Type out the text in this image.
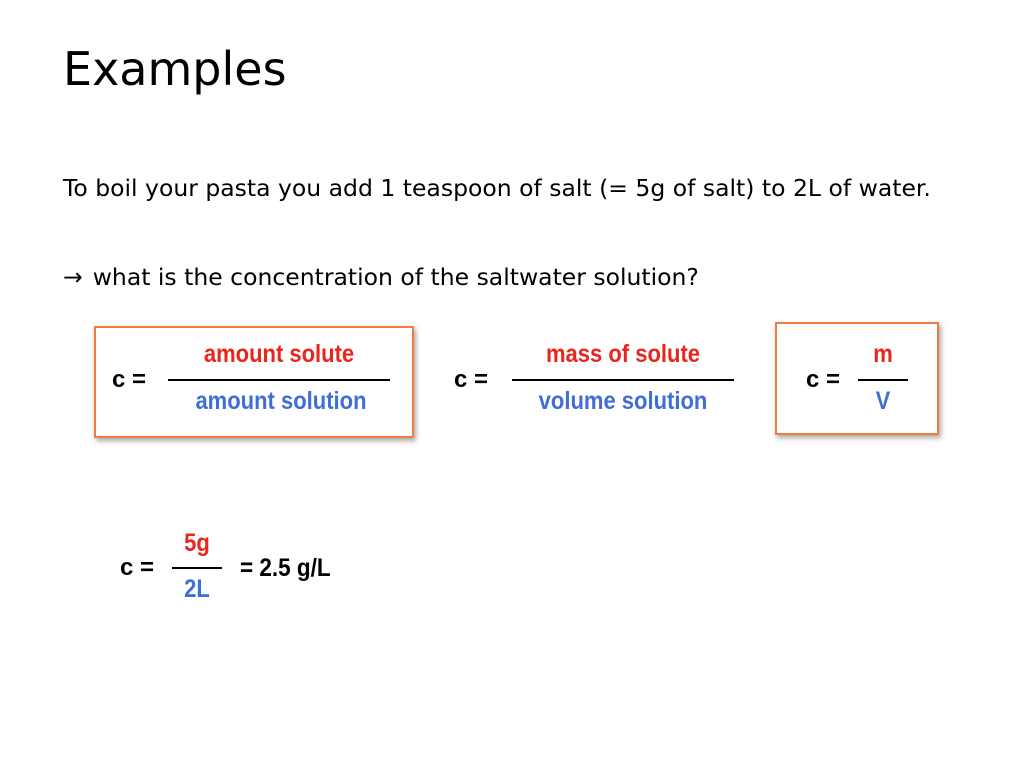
Examples

To boil your pasta you add 1 teaspoon of salt (= 5g of salt) to 2L of water.

→ what is the concentration of the saltwater solution?

c =
amount solute
amount solution
c =
mass of solute
volume solution
c =
m
V
c =
5g
2L
= 2.5 g/L
